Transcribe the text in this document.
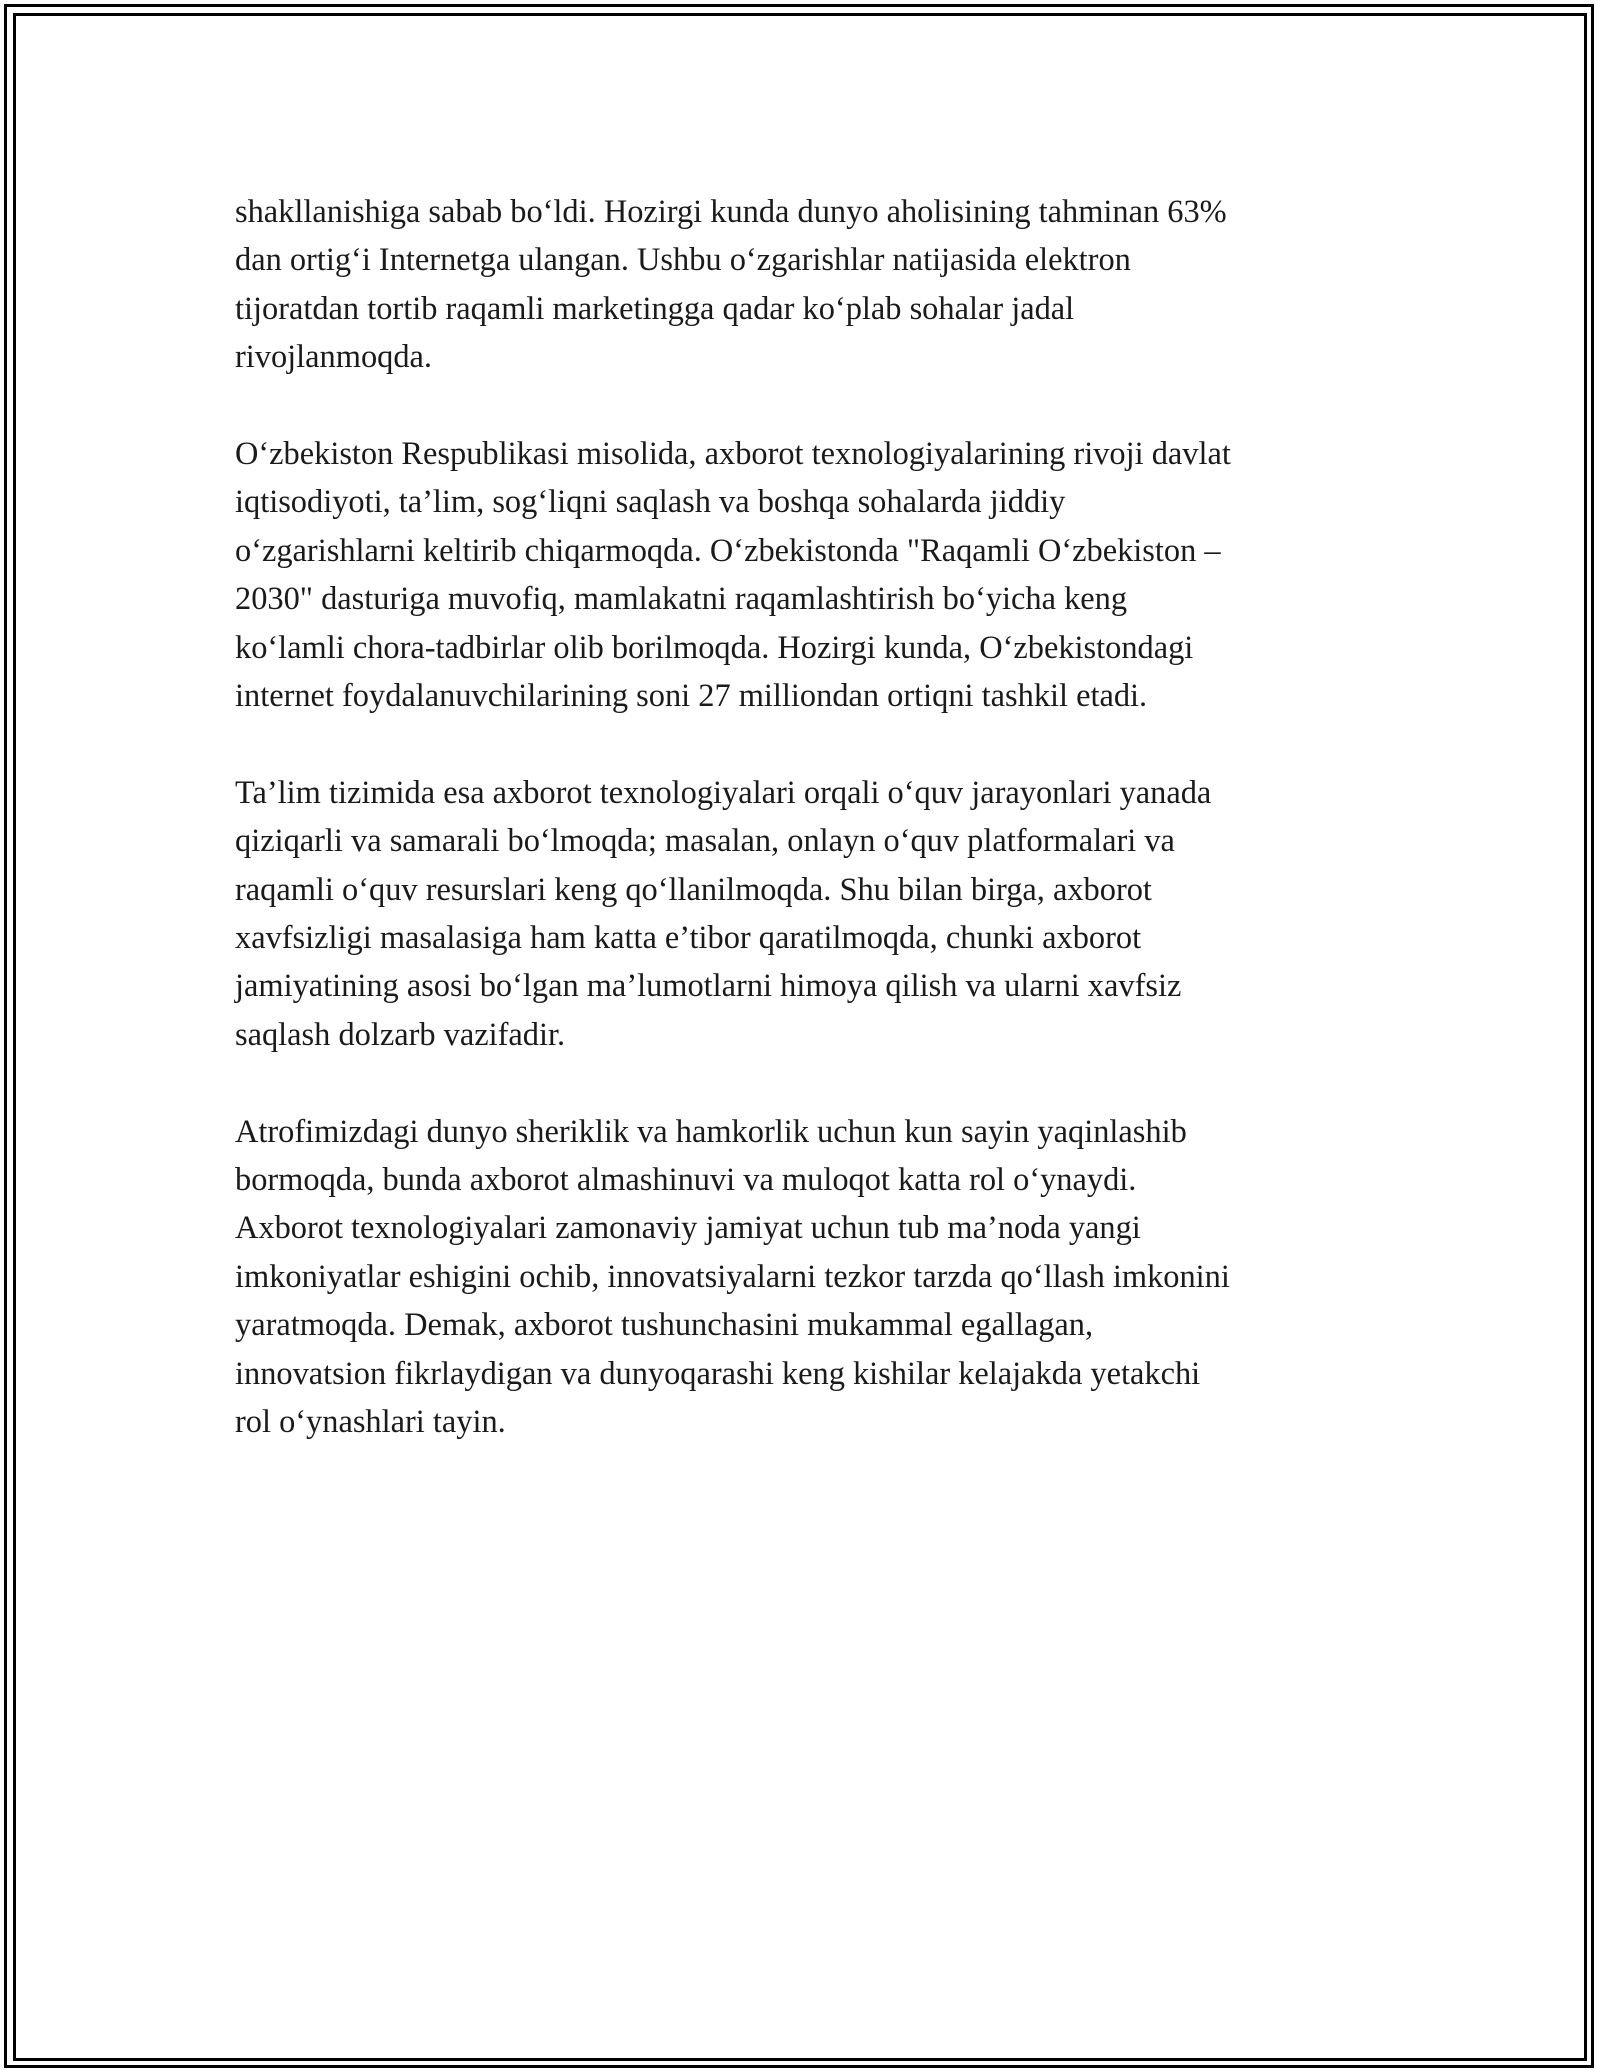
shakllanishiga sabab bo‘ldi. Hozirgi kunda dunyo aholisining tahminan 63%
dan ortig‘i Internetga ulangan. Ushbu o‘zgarishlar natijasida elektron
tijoratdan tortib raqamli marketingga qadar ko‘plab sohalar jadal
rivojlanmoqda.

O‘zbekiston Respublikasi misolida, axborot texnologiyalarining rivoji davlat
iqtisodiyoti, ta’lim, sog‘liqni saqlash va boshqa sohalarda jiddiy
o‘zgarishlarni keltirib chiqarmoqda. O‘zbekistonda "Raqamli O‘zbekiston –
2030" dasturiga muvofiq, mamlakatni raqamlashtirish bo‘yicha keng
ko‘lamli chora-tadbirlar olib borilmoqda. Hozirgi kunda, O‘zbekistondagi
internet foydalanuvchilarining soni 27 milliondan ortiqni tashkil etadi.

Ta’lim tizimida esa axborot texnologiyalari orqali o‘quv jarayonlari yanada
qiziqarli va samarali bo‘lmoqda; masalan, onlayn o‘quv platformalari va
raqamli o‘quv resurslari keng qo‘llanilmoqda. Shu bilan birga, axborot
xavfsizligi masalasiga ham katta e’tibor qaratilmoqda, chunki axborot
jamiyatining asosi bo‘lgan ma’lumotlarni himoya qilish va ularni xavfsiz
saqlash dolzarb vazifadir.

Atrofimizdagi dunyo sheriklik va hamkorlik uchun kun sayin yaqinlashib
bormoqda, bunda axborot almashinuvi va muloqot katta rol o‘ynaydi.
Axborot texnologiyalari zamonaviy jamiyat uchun tub ma’noda yangi
imkoniyatlar eshigini ochib, innovatsiyalarni tezkor tarzda qo‘llash imkonini
yaratmoqda. Demak, axborot tushunchasini mukammal egallagan,
innovatsion fikrlaydigan va dunyoqarashi keng kishilar kelajakda yetakchi
rol o‘ynashlari tayin.
